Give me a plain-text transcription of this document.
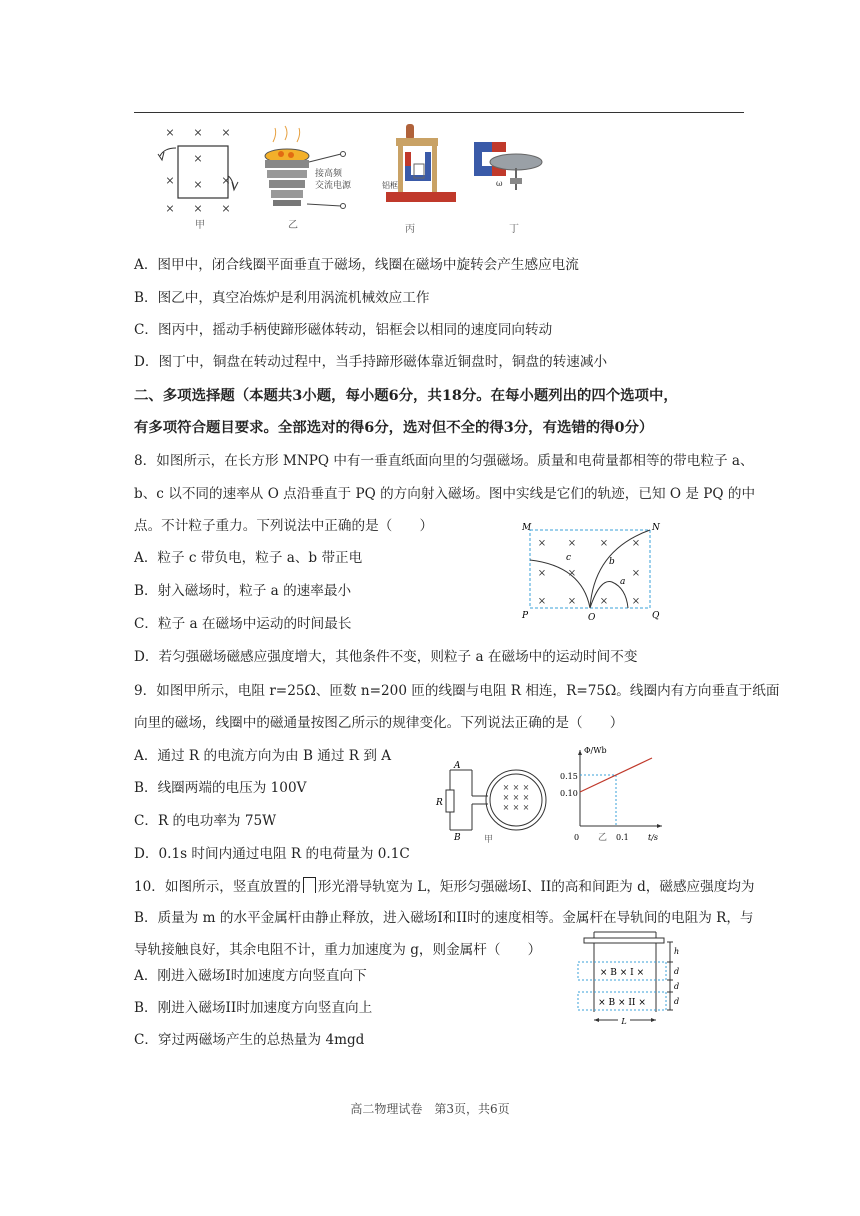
× × ×
×
× × ×
× × ×
甲
接高频
交流电源
乙
铝框
丙
ω
丁
A．图甲中，闭合线圈平面垂直于磁场，线圈在磁场中旋转会产生感应电流
B．图乙中，真空冶炼炉是利用涡流机械效应工作
C．图丙中，摇动手柄使蹄形磁体转动，铝框会以相同的速度同向转动
D．图丁中，铜盘在转动过程中，当手持蹄形磁体靠近铜盘时，铜盘的转速减小
二、多项选择题（本题共3小题，每小题6分，共18分。在每小题列出的四个选项中，
有多项符合题目要求。全部选对的得6分，选对但不全的得3分，有选错的得0分）
8．如图所示，在长方形 MNPQ 中有一垂直纸面向里的匀强磁场。质量和电荷量都相等的带电粒子 a、
b、c 以不同的速率从 O 点沿垂直于 PQ 的方向射入磁场。图中实线是它们的轨迹，已知 O 是 PQ 的中
点。不计粒子重力。下列说法中正确的是（　　）
A．粒子 c 带负电，粒子 a、b 带正电
B．射入磁场时，粒子 a 的速率最小
C．粒子 a 在磁场中运动的时间最长
D．若匀强磁场磁感应强度增大，其他条件不变，则粒子 a 在磁场中的运动时间不变
× × × ×
× ×	×
× × × ×
M	N
P	Q
O
a
b
c
9．如图甲所示，电阻 r=25Ω、匝数 n=200 匝的线圈与电阻 R 相连，R=75Ω。线圈内有方向垂直于纸面
向里的磁场，线圈中的磁通量按图乙所示的规律变化。下列说法正确的是（　　）
A．通过 R 的电流方向为由 B 通过 R 到 A
B．线圈两端的电压为 100V
C．R 的电功率为 75W
D．0.1s 时间内通过电阻 R 的电荷量为 0.1C
× × ×
× × ×
× × ×
A
B
R
甲
Φ/Wb
t/s
0	0.1
0.15
0.10
乙
10．如图所示，竖直放置的 形光滑导轨宽为 L，矩形匀强磁场I、II的高和间距为 d，磁感应强度均为
B．质量为 m 的水平金属杆由静止释放，进入磁场I和II时的速度相等。金属杆在导轨间的电阻为 R，与
导轨接触良好，其余电阻不计，重力加速度为 g，则金属杆（　　）
A．刚进入磁场I时加速度方向竖直向下
B．刚进入磁场II时加速度方向竖直向上
C．穿过两磁场产生的总热量为 4mgd
× B × I ×
× B × II ×
h
d
d
d
L
高二物理试卷　第3页，共6页
